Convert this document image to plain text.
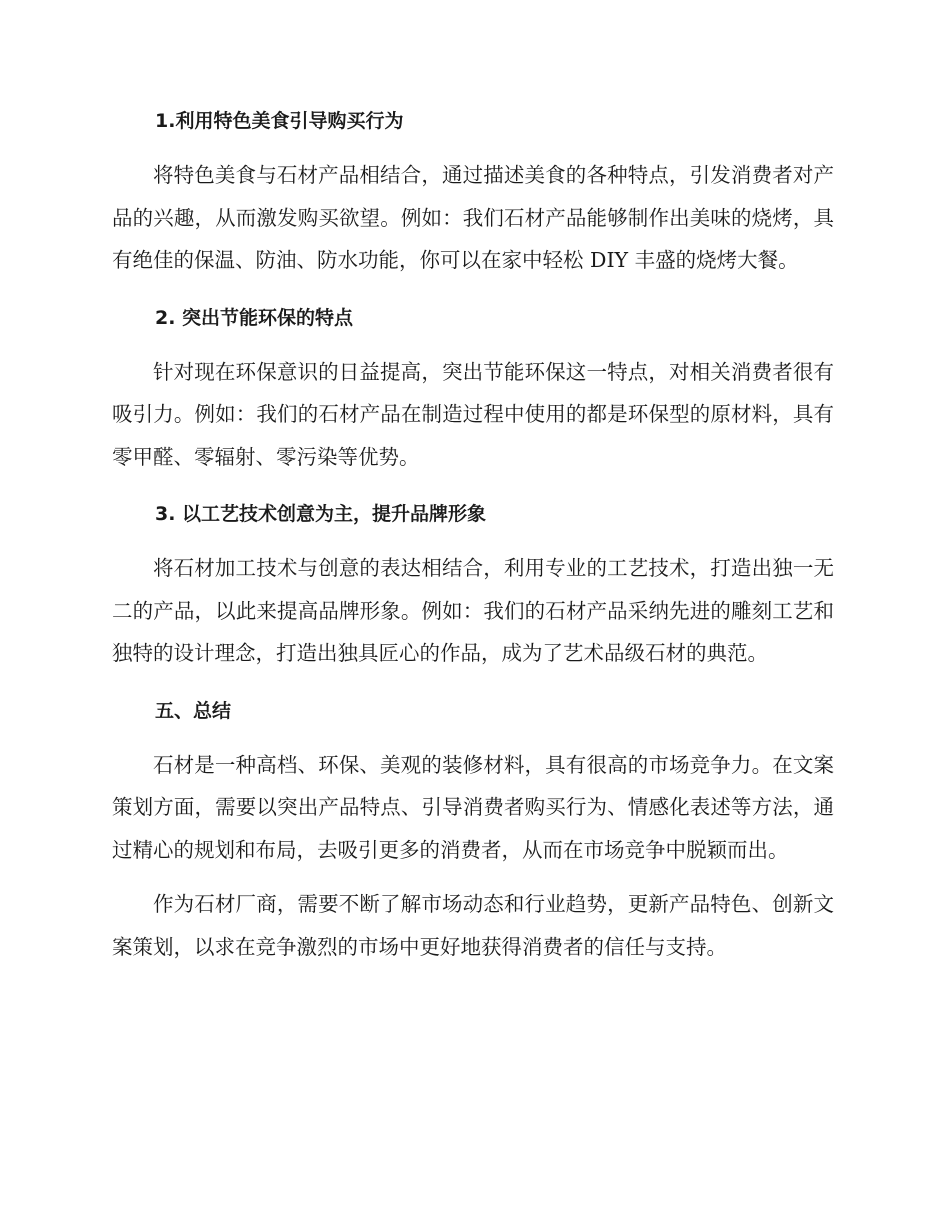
1.利用特色美食引导购买行为

将特色美食与石材产品相结合，通过描述美食的各种特点，引发消费者对产品的兴趣，从而激发购买欲望。例如：我们石材产品能够制作出美味的烧烤，具有绝佳的保温、防油、防水功能，你可以在家中轻松 DIY 丰盛的烧烤大餐。

2. 突出节能环保的特点

针对现在环保意识的日益提高，突出节能环保这一特点，对相关消费者很有吸引力。例如：我们的石材产品在制造过程中使用的都是环保型的原材料，具有零甲醛、零辐射、零污染等优势。

3. 以工艺技术创意为主，提升品牌形象

将石材加工技术与创意的表达相结合，利用专业的工艺技术，打造出独一无二的产品，以此来提高品牌形象。例如：我们的石材产品采纳先进的雕刻工艺和独特的设计理念，打造出独具匠心的作品，成为了艺术品级石材的典范。

五、总结

石材是一种高档、环保、美观的装修材料，具有很高的市场竞争力。在文案策划方面，需要以突出产品特点、引导消费者购买行为、情感化表述等方法，通过精心的规划和布局，去吸引更多的消费者，从而在市场竞争中脱颖而出。

作为石材厂商，需要不断了解市场动态和行业趋势，更新产品特色、创新文案策划，以求在竞争激烈的市场中更好地获得消费者的信任与支持。
